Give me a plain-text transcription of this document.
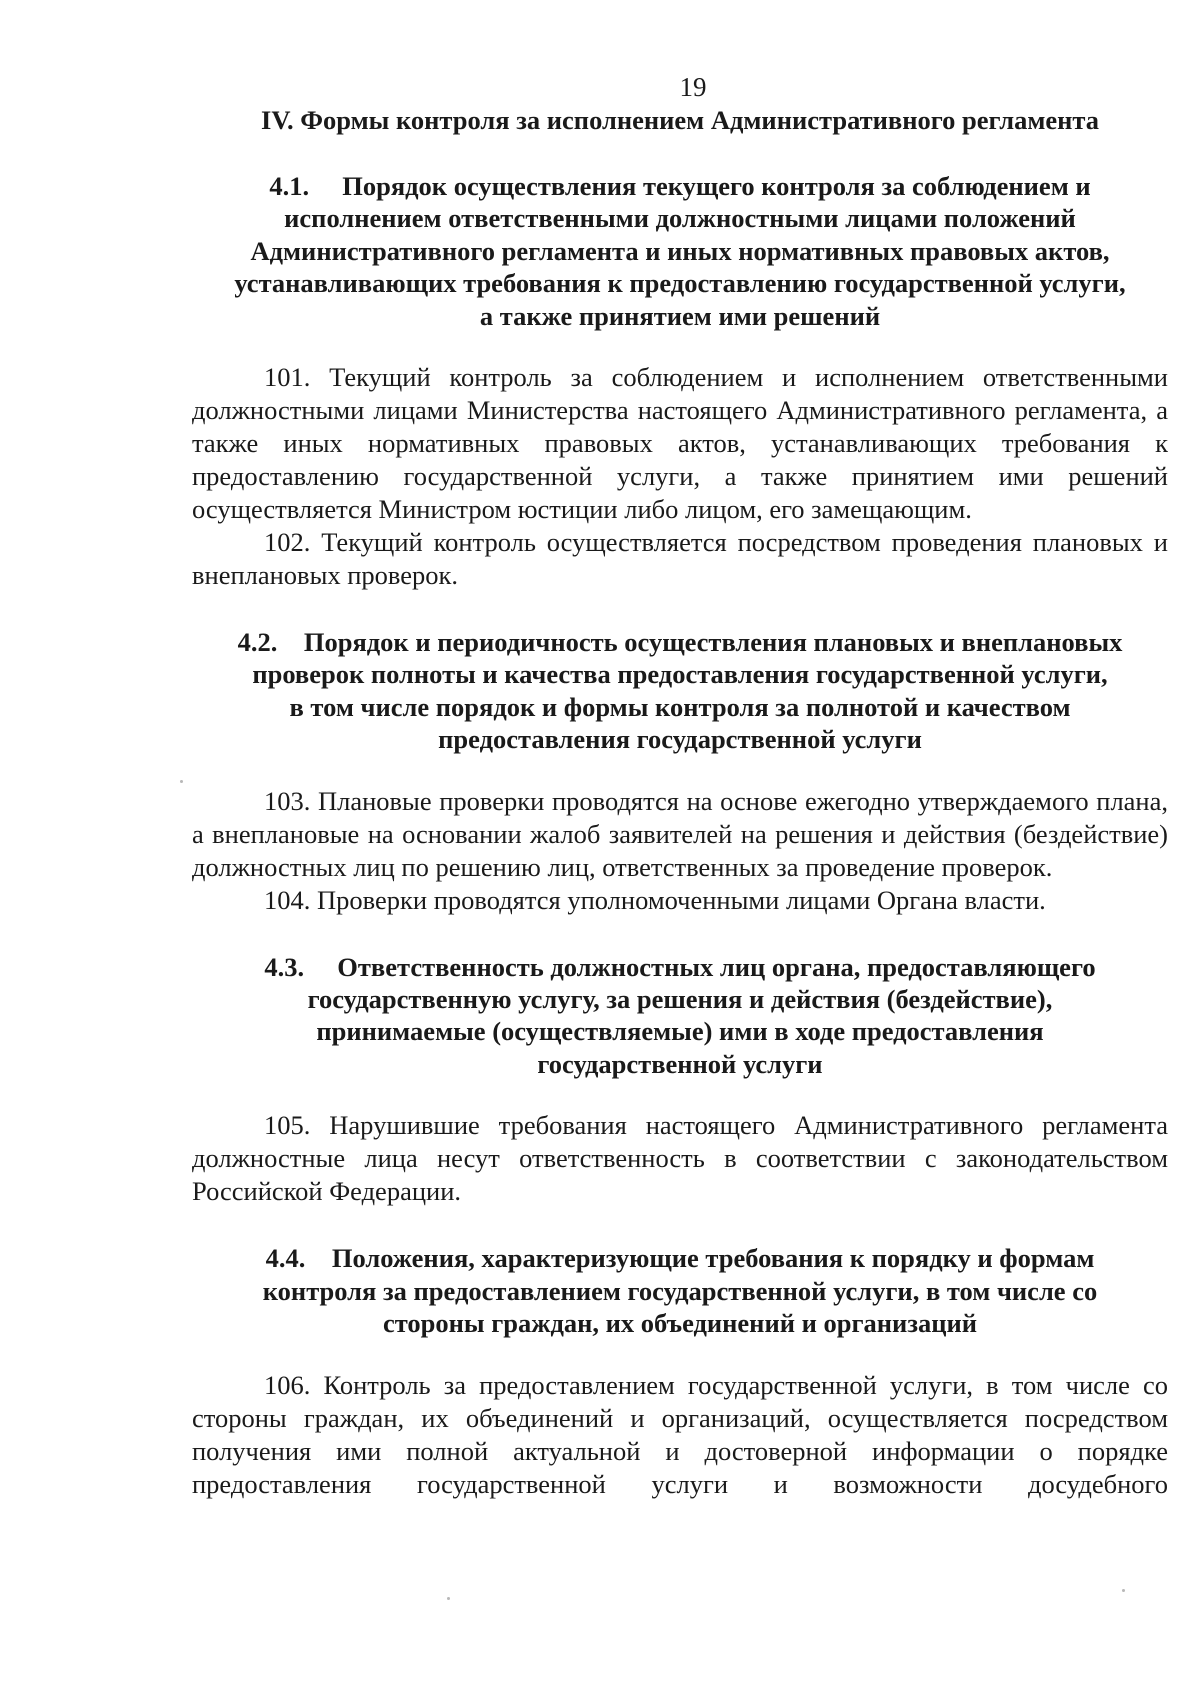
19

IV. Формы контроля за исполнением Административного регламента
4.1. Порядок осуществления текущего контроля за соблюдением и
исполнением ответственными должностными лицами положений
Административного регламента и иных нормативных правовых актов,
устанавливающих требования к предоставлению государственной услуги,
а также принятием ими решений

101. Текущий контроль за соблюдением и исполнением ответственными должностными лицами Министерства настоящего Административного регламента, а также иных нормативных правовых актов, устанавливающих требования к предоставлению государственной услуги, а также принятием ими решений осуществляется Министром юстиции либо лицом, его замещающим.

102. Текущий контроль осуществляется посредством проведения плановых и внеплановых проверок.

4.2. Порядок и периодичность осуществления плановых и внеплановых
проверок полноты и качества предоставления государственной услуги,
в том числе порядок и формы контроля за полнотой и качеством
предоставления государственной услуги

103. Плановые проверки проводятся на основе ежегодно утверждаемого плана, а внеплановые на основании жалоб заявителей на решения и действия (бездействие) должностных лиц по решению лиц, ответственных за проведение проверок.

104. Проверки проводятся уполномоченными лицами Органа власти.

4.3. Ответственность должностных лиц органа, предоставляющего
государственную услугу, за решения и действия (бездействие),
принимаемые (осуществляемые) ими в ходе предоставления
государственной услуги

105. Нарушившие требования настоящего Административного регламента должностные лица несут ответственность в соответствии с законодательством Российской Федерации.

4.4. Положения, характеризующие требования к порядку и формам
контроля за предоставлением государственной услуги, в том числе со
стороны граждан, их объединений и организаций

106. Контроль за предоставлением государственной услуги, в том числе со стороны граждан, их объединений и организаций, осуществляется посредством получения ими полной актуальной и достоверной информации о порядке предоставления государственной услуги и возможности досудебного
